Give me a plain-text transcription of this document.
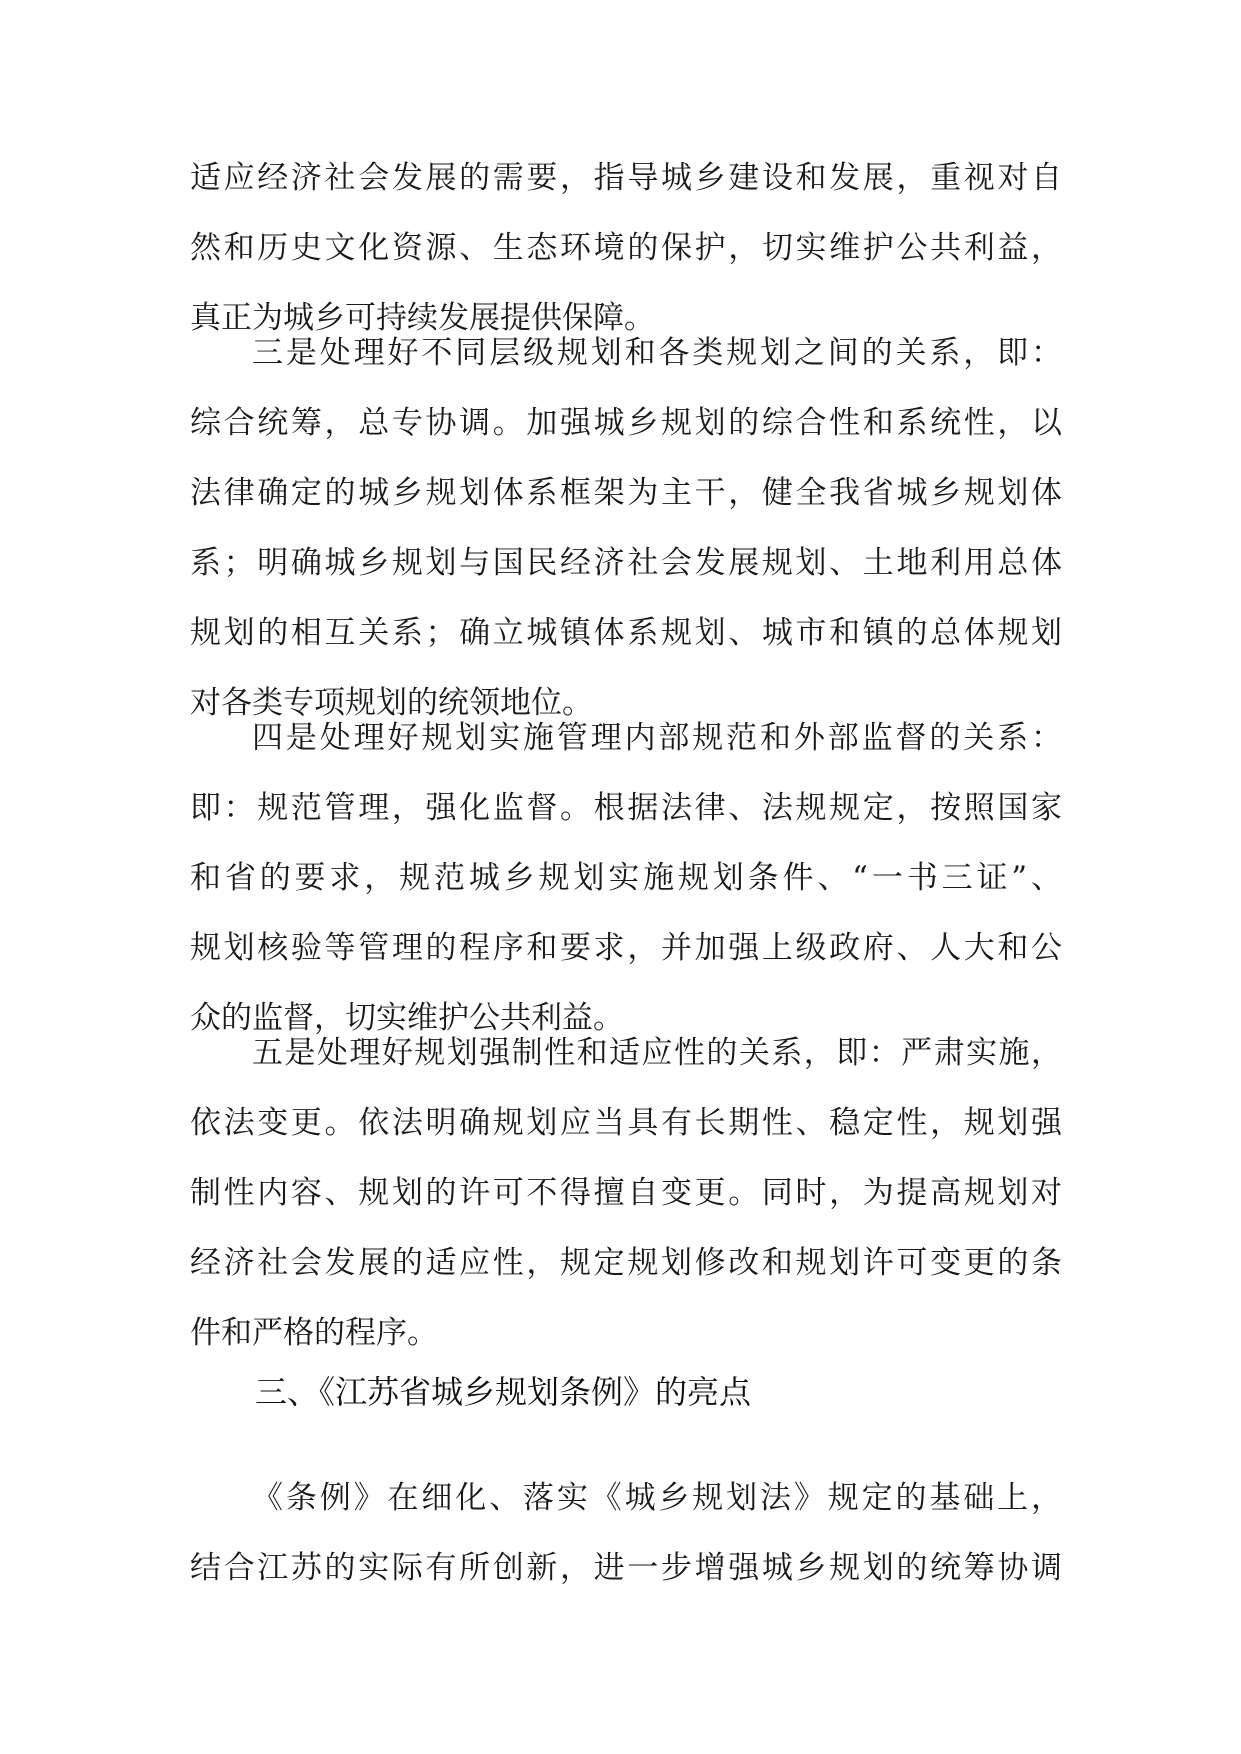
适应经济社会发展的需要，指导城乡建设和发展，重视对自
然和历史文化资源、生态环境的保护，切实维护公共利益，
真正为城乡可持续发展提供保障。
三是处理好不同层级规划和各类规划之间的关系，即：
综合统筹，总专协调。加强城乡规划的综合性和系统性，以
法律确定的城乡规划体系框架为主干，健全我省城乡规划体
系；明确城乡规划与国民经济社会发展规划、土地利用总体
规划的相互关系；确立城镇体系规划、城市和镇的总体规划
对各类专项规划的统领地位。
四是处理好规划实施管理内部规范和外部监督的关系：
即：规范管理，强化监督。根据法律、法规规定，按照国家
和省的要求，规范城乡规划实施规划条件、“一书三证”、
规划核验等管理的程序和要求，并加强上级政府、人大和公
众的监督，切实维护公共利益。
五是处理好规划强制性和适应性的关系，即：严肃实施，
依法变更。依法明确规划应当具有长期性、稳定性，规划强
制性内容、规划的许可不得擅自变更。同时，为提高规划对
经济社会发展的适应性，规定规划修改和规划许可变更的条
件和严格的程序。
三、《江苏省城乡规划条例》的亮点
《条例》在细化、落实《城乡规划法》规定的基础上，
结合江苏的实际有所创新，进一步增强城乡规划的统筹协调
